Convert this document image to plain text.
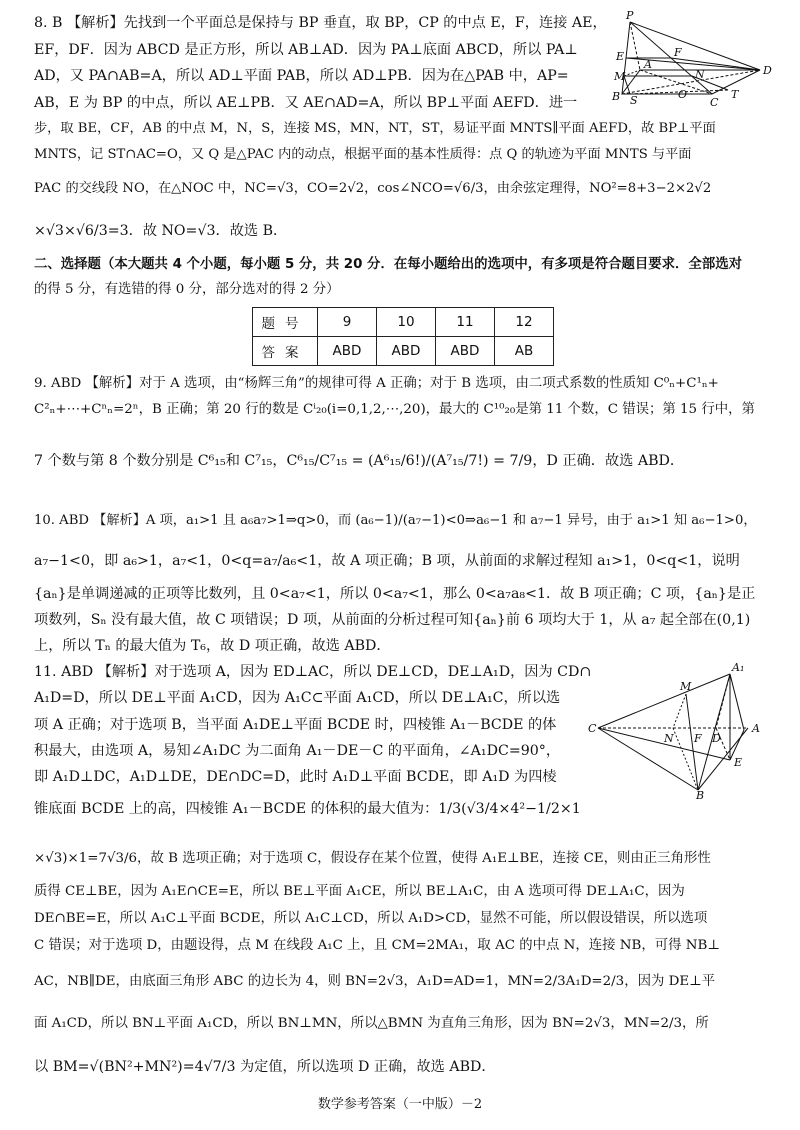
8. B 【解析】先找到一个平面总是保持与 BP 垂直，取 BP，CP 的中点 E，F，连接 AE，
EF，DF．因为 ABCD 是正方形，所以 AB⊥AD．因为 PA⊥底面 ABCD，所以 PA⊥
AD，又 PA∩AB=A，所以 AD⊥平面 PAB，所以 AD⊥PB．因为在△PAB 中，AP=
AB，E 为 BP 的中点，所以 AE⊥PB．又 AE∩AD=A，所以 BP⊥平面 AEFD．进一
步，取 BE，CF，AB 的中点 M，N，S，连接 MS，MN，NT，ST，易证平面 MNTS∥平面 AEFD，故 BP⊥平面
MNTS，记 ST∩AC=O，又 Q 是△PAC 内的动点，根据平面的基本性质得：点 Q 的轨迹为平面 MNTS 与平面
PAC 的交线段 NO，在△NOC 中，NC=√3，CO=2√2，cos∠NCO=√6/3，由余弦定理得，NO²=8+3−2×2√2
×√3×√6/3=3．故 NO=√3．故选 B．
P
E	F
M
A
N	D
B S	O
C
T
二、选择题（本大题共 4 个小题，每小题 5 分，共 20 分．在每小题给出的选项中，有多项是符合题目要求．全部选对
的得 5 分，有选错的得 0 分，部分选对的得 2 分）
题号	9	10	11	12
答案	ABD	ABD	ABD	AB
9. ABD 【解析】对于 A 选项，由“杨辉三角”的规律可得 A 正确；对于 B 选项，由二项式系数的性质知 C⁰ₙ+C¹ₙ+
C²ₙ+⋯+Cⁿₙ=2ⁿ，B 正确；第 20 行的数是 Cⁱ₂₀(i=0,1,2,⋯,20)，最大的 C¹⁰₂₀是第 11 个数，C 错误；第 15 行中，第
7 个数与第 8 个数分别是 C⁶₁₅和 C⁷₁₅，C⁶₁₅/C⁷₁₅ = (A⁶₁₅/6!)/(A⁷₁₅/7!) = 7/9，D 正确．故选 ABD．
10. ABD 【解析】A 项，a₁>1 且 a₆a₇>1⇒q>0，而 (a₆−1)/(a₇−1)<0⇒a₆−1 和 a₇−1 异号，由于 a₁>1 知 a₆−1>0，
a₇−1<0，即 a₆>1，a₇<1，0<q=a₇/a₆<1，故 A 项正确；B 项，从前面的求解过程知 a₁>1，0<q<1，说明
{aₙ}是单调递减的正项等比数列，且 0<a₇<1，所以 0<a₇<1，那么 0<a₇a₈<1．故 B 项正确；C 项，{aₙ}是正
项数列，Sₙ 没有最大值，故 C 项错误；D 项，从前面的分析过程可知{aₙ}前 6 项均大于 1，从 a₇ 起全部在(0,1)
上，所以 Tₙ 的最大值为 T₆，故 D 项正确，故选 ABD．
11. ABD 【解析】对于选项 A，因为 ED⊥AC，所以 DE⊥CD，DE⊥A₁D，因为 CD∩
A₁D=D，所以 DE⊥平面 A₁CD，因为 A₁C⊂平面 A₁CD，所以 DE⊥A₁C，所以选
项 A 正确；对于选项 B，当平面 A₁DE⊥平面 BCDE 时，四棱锥 A₁－BCDE 的体
积最大，由选项 A，易知∠A₁DC 为二面角 A₁－DE－C 的平面角，∠A₁DC=90°，
即 A₁D⊥DC，A₁D⊥DE，DE∩DC=D，此时 A₁D⊥平面 BCDE，即 A₁D 为四棱
锥底面 BCDE 上的高，四棱锥 A₁－BCDE 的体积的最大值为：1/3(√3/4×4²−1/2×1
×√3)×1=7√3/6，故 B 选项正确；对于选项 C，假设存在某个位置，使得 A₁E⊥BE，连接 CE，则由正三角形性
质得 CE⊥BE，因为 A₁E∩CE=E，所以 BE⊥平面 A₁CE，所以 BE⊥A₁C，由 A 选项可得 DE⊥A₁C，因为
DE∩BE=E，所以 A₁C⊥平面 BCDE，所以 A₁C⊥CD，所以 A₁D>CD，显然不可能，所以假设错误，所以选项
C 错误；对于选项 D，由题设得，点 M 在线段 A₁C 上，且 CM=2MA₁，取 AC 的中点 N，连接 NB，可得 NB⊥
AC，NB∥DE，由底面三角形 ABC 的边长为 4，则 BN=2√3，A₁D=AD=1，MN=2/3A₁D=2/3，因为 DE⊥平
面 A₁CD，所以 BN⊥平面 A₁CD，所以 BN⊥MN，所以△BMN 为直角三角形，因为 BN=2√3，MN=2/3，所
以 BM=√(BN²+MN²)=4√7/3 为定值，所以选项 D 正确，故选 ABD．
A₁
M
C
N F D
A
E
B
数学参考答案（一中版）－2
